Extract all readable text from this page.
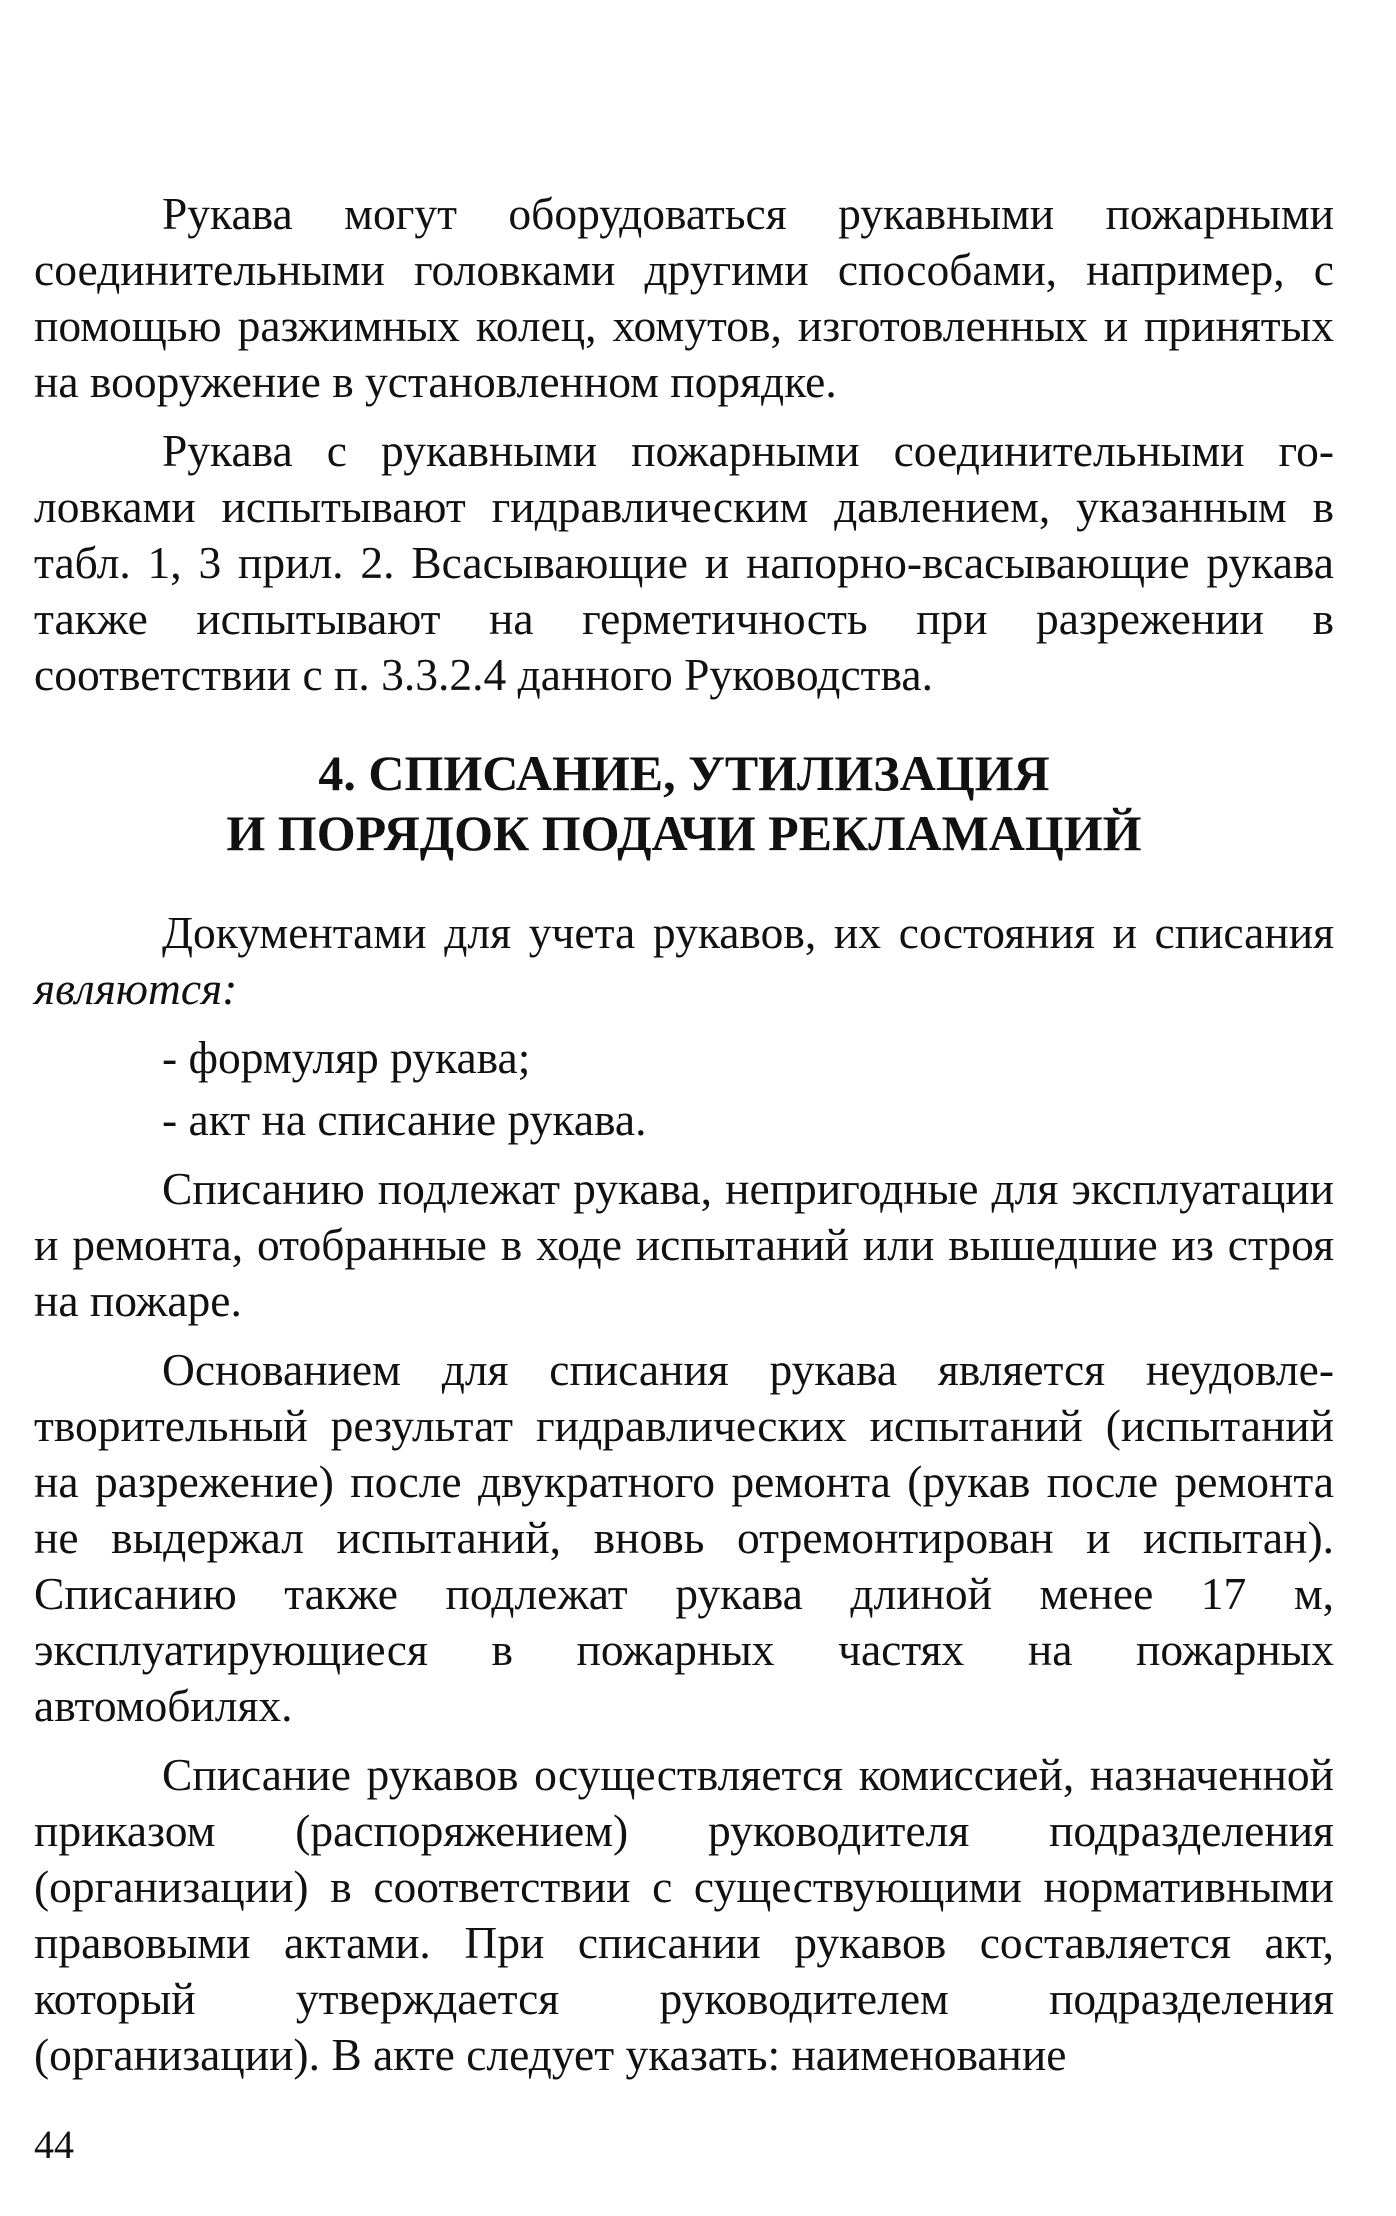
Рукава могут оборудоваться рукавными пожарными соединительными головками другими способами, например, с помощью разжимных колец, хомутов, изготовленных и принятых на вооружение в установленном порядке.

Рукава с рукавными пожарными соединительными головками испытывают гидравлическим давлением, указанным в табл. 1, 3 прил. 2. Всасывающие и напорно-всасывающие рукава также испытывают на герметичность при разрежении в соответствии с п. 3.3.2.4 данного Руководства.

4. СПИСАНИЕ, УТИЛИЗАЦИЯ
И ПОРЯДОК ПОДАЧИ РЕКЛАМАЦИЙ

Документами для учета рукавов, их состояния и списания являются:

- формуляр рукава;

- акт на списание рукава.

Списанию подлежат рукава, непригодные для эксплуатации и ремонта, отобранные в ходе испытаний или вышедшие из строя на пожаре.

Основанием для списания рукава является неудовлетворительный результат гидравлических испытаний (испытаний на разрежение) после двукратного ремонта (рукав после ремонта не выдержал испытаний, вновь отремонтирован и испытан). Списанию также подлежат рукава длиной менее 17 м, эксплуатирующиеся в пожарных частях на пожарных автомобилях.

Списание рукавов осуществляется комиссией, назначенной приказом (распоряжением) руководителя подразделения (организации) в соответствии с существующими нормативными правовыми актами. При списании рукавов составляется акт, который утверждается руководителем подразделения (организации). В акте следует указать: наименование

44
